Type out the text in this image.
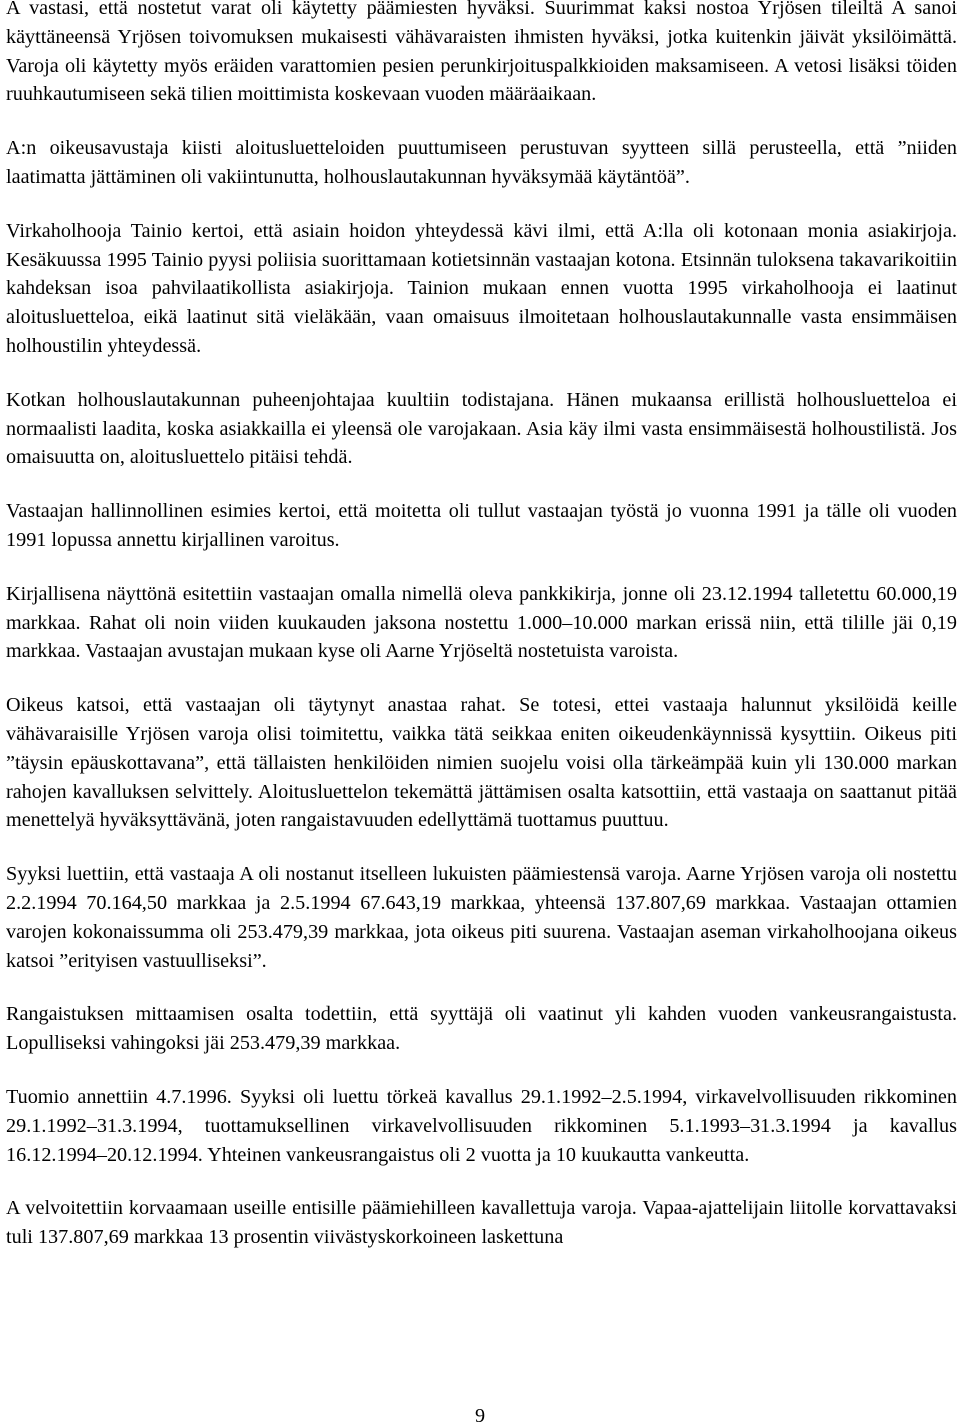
A vastasi, että nostetut varat oli käytetty päämiesten hyväksi. Suurimmat kaksi nostoa Yrjösen tileiltä A sanoi käyttäneensä Yrjösen toivomuksen mukaisesti vähävaraisten ihmisten hyväksi, jotka kuitenkin jäivät yksilöimättä. Varoja oli käytetty myös eräiden varattomien pesien perunkirjoituspalkkioiden maksamiseen. A vetosi lisäksi töiden ruuhkautumiseen sekä tilien moittimista koskevaan vuoden määräaikaan.

A:n oikeusavustaja kiisti aloitusluetteloiden puuttumiseen perustuvan syytteen sillä perusteella, että ”niiden laatimatta jättäminen oli vakiintunutta, holhouslautakunnan hyväksymää käytäntöä”.

Virkaholhooja Tainio kertoi, että asiain hoidon yhteydessä kävi ilmi, että A:lla oli kotonaan monia asiakirjoja. Kesäkuussa 1995 Tainio pyysi poliisia suorittamaan kotietsinnän vastaajan kotona. Etsinnän tuloksena takavarikoitiin kahdeksan isoa pahvilaatikollista asiakirjoja. Tainion mukaan ennen vuotta 1995 virkaholhooja ei laatinut aloitusluetteloa, eikä laatinut sitä vieläkään, vaan omaisuus ilmoitetaan holhouslautakunnalle vasta ensimmäisen holhoustilin yhteydessä.

Kotkan holhouslautakunnan puheenjohtajaa kuultiin todistajana. Hänen mukaansa erillistä holhousluetteloa ei normaalisti laadita, koska asiakkailla ei yleensä ole varojakaan. Asia käy ilmi vasta ensimmäisestä holhoustilistä. Jos omaisuutta on, aloitusluettelo pitäisi tehdä.

Vastaajan hallinnollinen esimies kertoi, että moitetta oli tullut vastaajan työstä jo vuonna 1991 ja tälle oli vuoden 1991 lopussa annettu kirjallinen varoitus.

Kirjallisena näyttönä esitettiin vastaajan omalla nimellä oleva pankkikirja, jonne oli 23.12.1994 talletettu 60.000,19 markkaa. Rahat oli noin viiden kuukauden jaksona nostettu 1.000–10.000 markan erissä niin, että tilille jäi 0,19 markkaa. Vastaajan avustajan mukaan kyse oli Aarne Yrjöseltä nostetuista varoista.

Oikeus katsoi, että vastaajan oli täytynyt anastaa rahat. Se totesi, ettei vastaaja halunnut yksilöidä keille vähävaraisille Yrjösen varoja olisi toimitettu, vaikka tätä seikkaa eniten oikeudenkäynnissä kysyttiin. Oikeus piti ”täysin epäuskottavana”, että tällaisten henkilöiden nimien suojelu voisi olla tärkeämpää kuin yli 130.000 markan rahojen kavalluksen selvittely. Aloitusluettelon tekemättä jättämisen osalta katsottiin, että vastaaja on saattanut pitää menettelyä hyväksyttävänä, joten rangaistavuuden edellyttämä tuottamus puuttuu.

Syyksi luettiin, että vastaaja A oli nostanut itselleen lukuisten päämiestensä varoja. Aarne Yrjösen varoja oli nostettu 2.2.1994 70.164,50 markkaa ja 2.5.1994 67.643,19 markkaa, yhteensä 137.807,69 markkaa. Vastaajan ottamien varojen kokonaissumma oli 253.479,39 markkaa, jota oikeus piti suurena. Vastaajan aseman virkaholhoojana oikeus katsoi ”erityisen vastuulliseksi”.

Rangaistuksen mittaamisen osalta todettiin, että syyttäjä oli vaatinut yli kahden vuoden vankeusrangaistusta. Lopulliseksi vahingoksi jäi 253.479,39 markkaa.

Tuomio annettiin 4.7.1996. Syyksi oli luettu törkeä kavallus 29.1.1992–2.5.1994, virkavelvollisuuden rikkominen 29.1.1992–31.3.1994, tuottamuksellinen virkavelvollisuuden rikkominen 5.1.1993–31.3.1994 ja kavallus 16.12.1994–20.12.1994. Yhteinen vankeusrangaistus oli 2 vuotta ja 10 kuukautta vankeutta.

A velvoitettiin korvaamaan useille entisille päämiehilleen kavallettuja varoja. Vapaa-ajattelijain liitolle korvattavaksi tuli 137.807,69 markkaa 13 prosentin viivästyskorkoineen laskettuna

9
